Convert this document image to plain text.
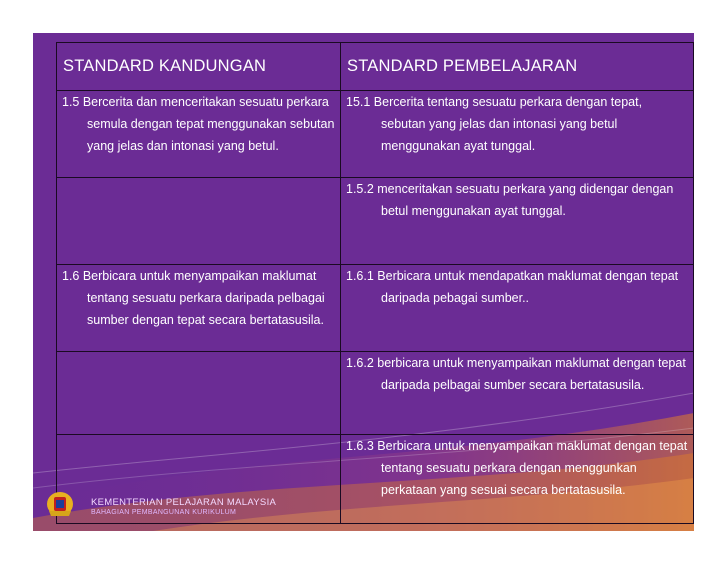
STANDARD KANDUNGAN	STANDARD PEMBELAJARAN

1.5 Bercerita dan menceritakan sesuatu perkara semula dengan tepat menggunakan sebutan yang jelas dan intonasi yang betul.	15.1 Bercerita tentang sesuatu perkara dengan tepat, sebutan yang jelas dan intonasi yang betul menggunakan ayat tunggal.

	1.5.2 menceritakan sesuatu perkara yang didengar dengan betul menggunakan ayat tunggal.

1.6 Berbicara untuk menyampaikan maklumat tentang sesuatu perkara daripada pelbagai sumber dengan tepat secara bertatasusila.	1.6.1 Berbicara untuk mendapatkan maklumat dengan tepat daripada pebagai sumber..

	1.6.2 berbicara untuk menyampaikan maklumat dengan tepat daripada pelbagai sumber secara bertatasusila.

	1.6.3 Berbicara untuk menyampaikan maklumat dengan tepat tentang sesuatu perkara dengan menggunkan perkataan yang sesuai secara bertatasusila.
KEMENTERIAN PELAJARAN MALAYSIA
BAHAGIAN PEMBANGUNAN KURIKULUM
